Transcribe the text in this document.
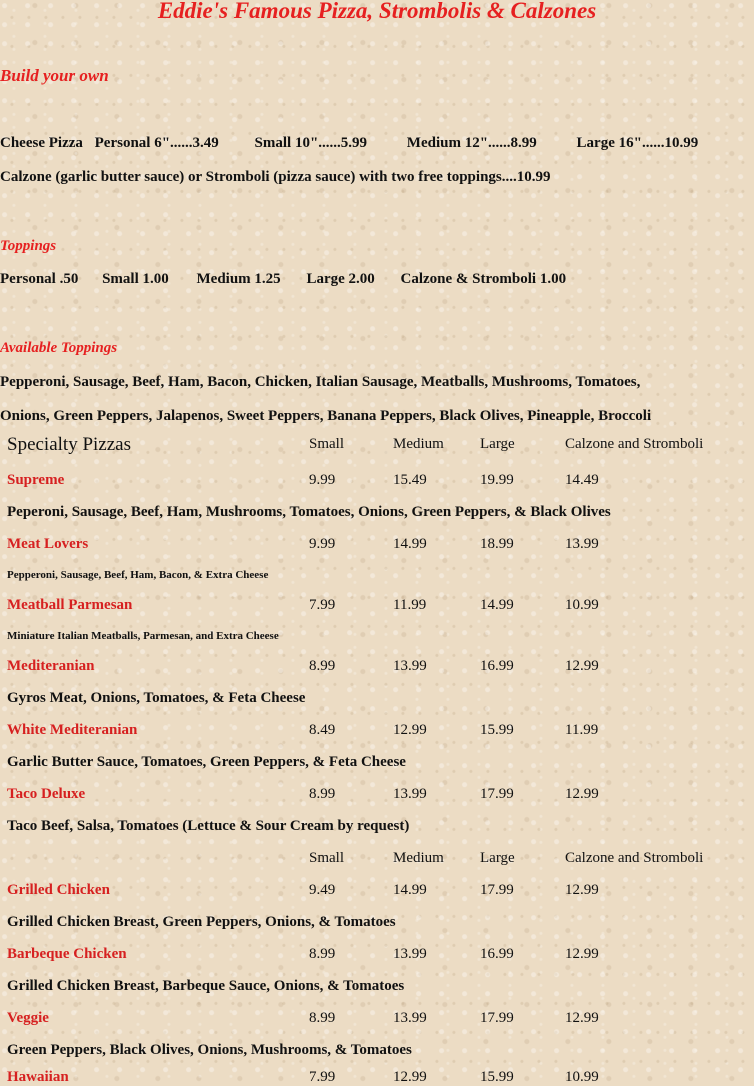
Eddie's Famous Pizza, Strombolis & Calzones
Build your own
Cheese Pizza Personal 6"......3.49 Small 10"......5.99	Medium 12"......8.99	Large 16"......10.99
Calzone (garlic butter sauce) or Stromboli (pizza sauce) with two free toppings....10.99
Toppings
Personal .50 Small 1.00 Medium 1.25 Large 2.00 Calzone & Stromboli 1.00
Available Toppings
Pepperoni, Sausage, Beef, Ham, Bacon, Chicken, Italian Sausage, Meatballs, Mushrooms, Tomatoes,
Onions, Green Peppers, Jalapenos, Sweet Peppers, Banana Peppers, Black Olives, Pineapple, Broccoli
Specialty Pizzas	Small	Medium Large	Calzone and Stromboli
Supreme	9.99	15.49	19.99	14.49
Peperoni, Sausage, Beef, Ham, Mushrooms, Tomatoes, Onions, Green Peppers, & Black Olives
Meat Lovers	9.99	14.99	18.99	13.99
Pepperoni, Sausage, Beef, Ham, Bacon, & Extra Cheese
Meatball Parmesan	7.99	11.99	14.99	10.99
Miniature Italian Meatballs, Parmesan, and Extra Cheese
Mediteranian	8.99	13.99	16.99	12.99
Gyros Meat, Onions, Tomatoes, & Feta Cheese
White Mediteranian	8.49	12.99	15.99	11.99
Garlic Butter Sauce, Tomatoes, Green Peppers, & Feta Cheese
Taco Deluxe	8.99	13.99	17.99	12.99
Taco Beef, Salsa, Tomatoes (Lettuce & Sour Cream by request)
Small	Medium Large	Calzone and Stromboli
Grilled Chicken	9.49	14.99	17.99	12.99
Grilled Chicken Breast, Green Peppers, Onions, & Tomatoes
Barbeque Chicken	8.99	13.99	16.99	12.99
Grilled Chicken Breast, Barbeque Sauce, Onions, & Tomatoes
Veggie	8.99	13.99	17.99	12.99
Green Peppers, Black Olives, Onions, Mushrooms, & Tomatoes
Hawaiian	7.99	12.99	15.99	10.99
